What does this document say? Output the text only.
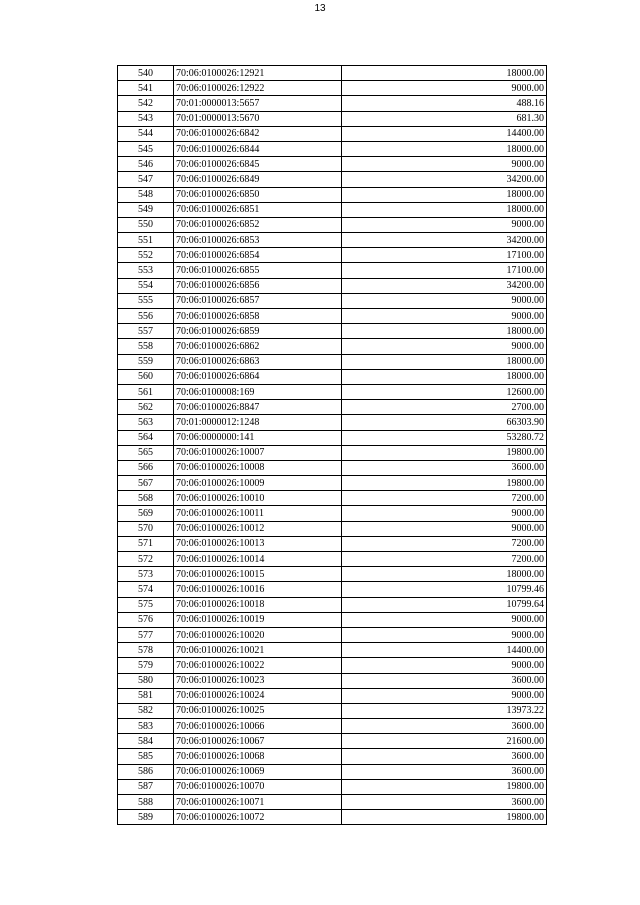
13
540	70:06:0100026:12921	18000.00
541	70:06:0100026:12922	9000.00
542	70:01:0000013:5657	488.16
543	70:01:0000013:5670	681.30
544	70:06:0100026:6842	14400.00
545	70:06:0100026:6844	18000.00
546	70:06:0100026:6845	9000.00
547	70:06:0100026:6849	34200.00
548	70:06:0100026:6850	18000.00
549	70:06:0100026:6851	18000.00
550	70:06:0100026:6852	9000.00
551	70:06:0100026:6853	34200.00
552	70:06:0100026:6854	17100.00
553	70:06:0100026:6855	17100.00
554	70:06:0100026:6856	34200.00
555	70:06:0100026:6857	9000.00
556	70:06:0100026:6858	9000.00
557	70:06:0100026:6859	18000.00
558	70:06:0100026:6862	9000.00
559	70:06:0100026:6863	18000.00
560	70:06:0100026:6864	18000.00
561	70:06:0100008:169	12600.00
562	70:06:0100026:8847	2700.00
563	70:01:0000012:1248	66303.90
564	70:06:0000000:141	53280.72
565	70:06:0100026:10007	19800.00
566	70:06:0100026:10008	3600.00
567	70:06:0100026:10009	19800.00
568	70:06:0100026:10010	7200.00
569	70:06:0100026:10011	9000.00
570	70:06:0100026:10012	9000.00
571	70:06:0100026:10013	7200.00
572	70:06:0100026:10014	7200.00
573	70:06:0100026:10015	18000.00
574	70:06:0100026:10016	10799.46
575	70:06:0100026:10018	10799.64
576	70:06:0100026:10019	9000.00
577	70:06:0100026:10020	9000.00
578	70:06:0100026:10021	14400.00
579	70:06:0100026:10022	9000.00
580	70:06:0100026:10023	3600.00
581	70:06:0100026:10024	9000.00
582	70:06:0100026:10025	13973.22
583	70:06:0100026:10066	3600.00
584	70:06:0100026:10067	21600.00
585	70:06:0100026:10068	3600.00
586	70:06:0100026:10069	3600.00
587	70:06:0100026:10070	19800.00
588	70:06:0100026:10071	3600.00
589	70:06:0100026:10072	19800.00
